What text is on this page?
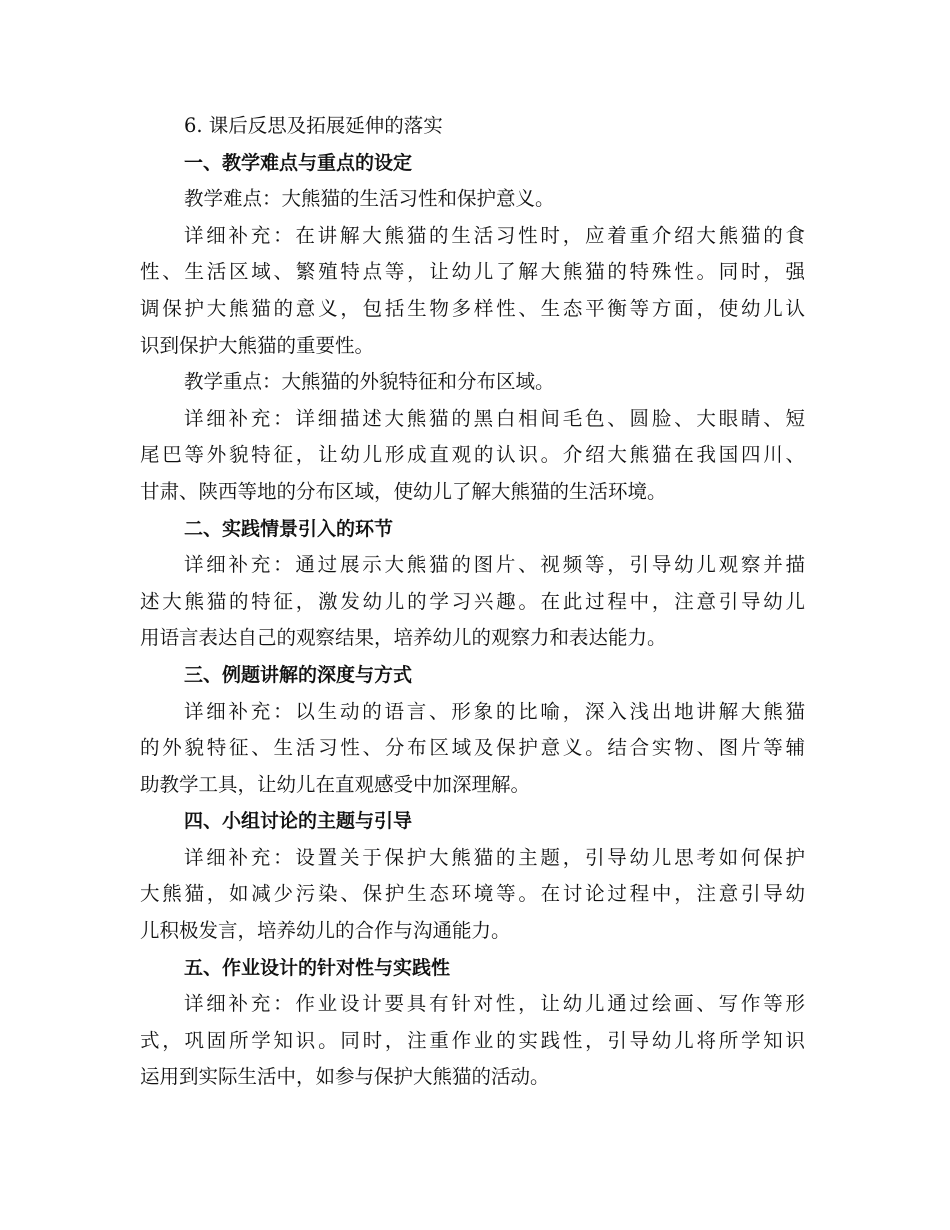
6. 课后反思及拓展延伸的落实
一、教学难点与重点的设定
教学难点：大熊猫的生活习性和保护意义。
详细补充：在讲解大熊猫的生活习性时，应着重介绍大熊猫的食
性、生活区域、繁殖特点等，让幼儿了解大熊猫的特殊性。同时，强
调保护大熊猫的意义，包括生物多样性、生态平衡等方面，使幼儿认
识到保护大熊猫的重要性。
教学重点：大熊猫的外貌特征和分布区域。
详细补充：详细描述大熊猫的黑白相间毛色、圆脸、大眼睛、短
尾巴等外貌特征，让幼儿形成直观的认识。介绍大熊猫在我国四川、
甘肃、陕西等地的分布区域，使幼儿了解大熊猫的生活环境。
二、实践情景引入的环节
详细补充：通过展示大熊猫的图片、视频等，引导幼儿观察并描
述大熊猫的特征，激发幼儿的学习兴趣。在此过程中，注意引导幼儿
用语言表达自己的观察结果，培养幼儿的观察力和表达能力。
三、例题讲解的深度与方式
详细补充：以生动的语言、形象的比喻，深入浅出地讲解大熊猫
的外貌特征、生活习性、分布区域及保护意义。结合实物、图片等辅
助教学工具，让幼儿在直观感受中加深理解。
四、小组讨论的主题与引导
详细补充：设置关于保护大熊猫的主题，引导幼儿思考如何保护
大熊猫，如减少污染、保护生态环境等。在讨论过程中，注意引导幼
儿积极发言，培养幼儿的合作与沟通能力。
五、作业设计的针对性与实践性
详细补充：作业设计要具有针对性，让幼儿通过绘画、写作等形
式，巩固所学知识。同时，注重作业的实践性，引导幼儿将所学知识
运用到实际生活中，如参与保护大熊猫的活动。
